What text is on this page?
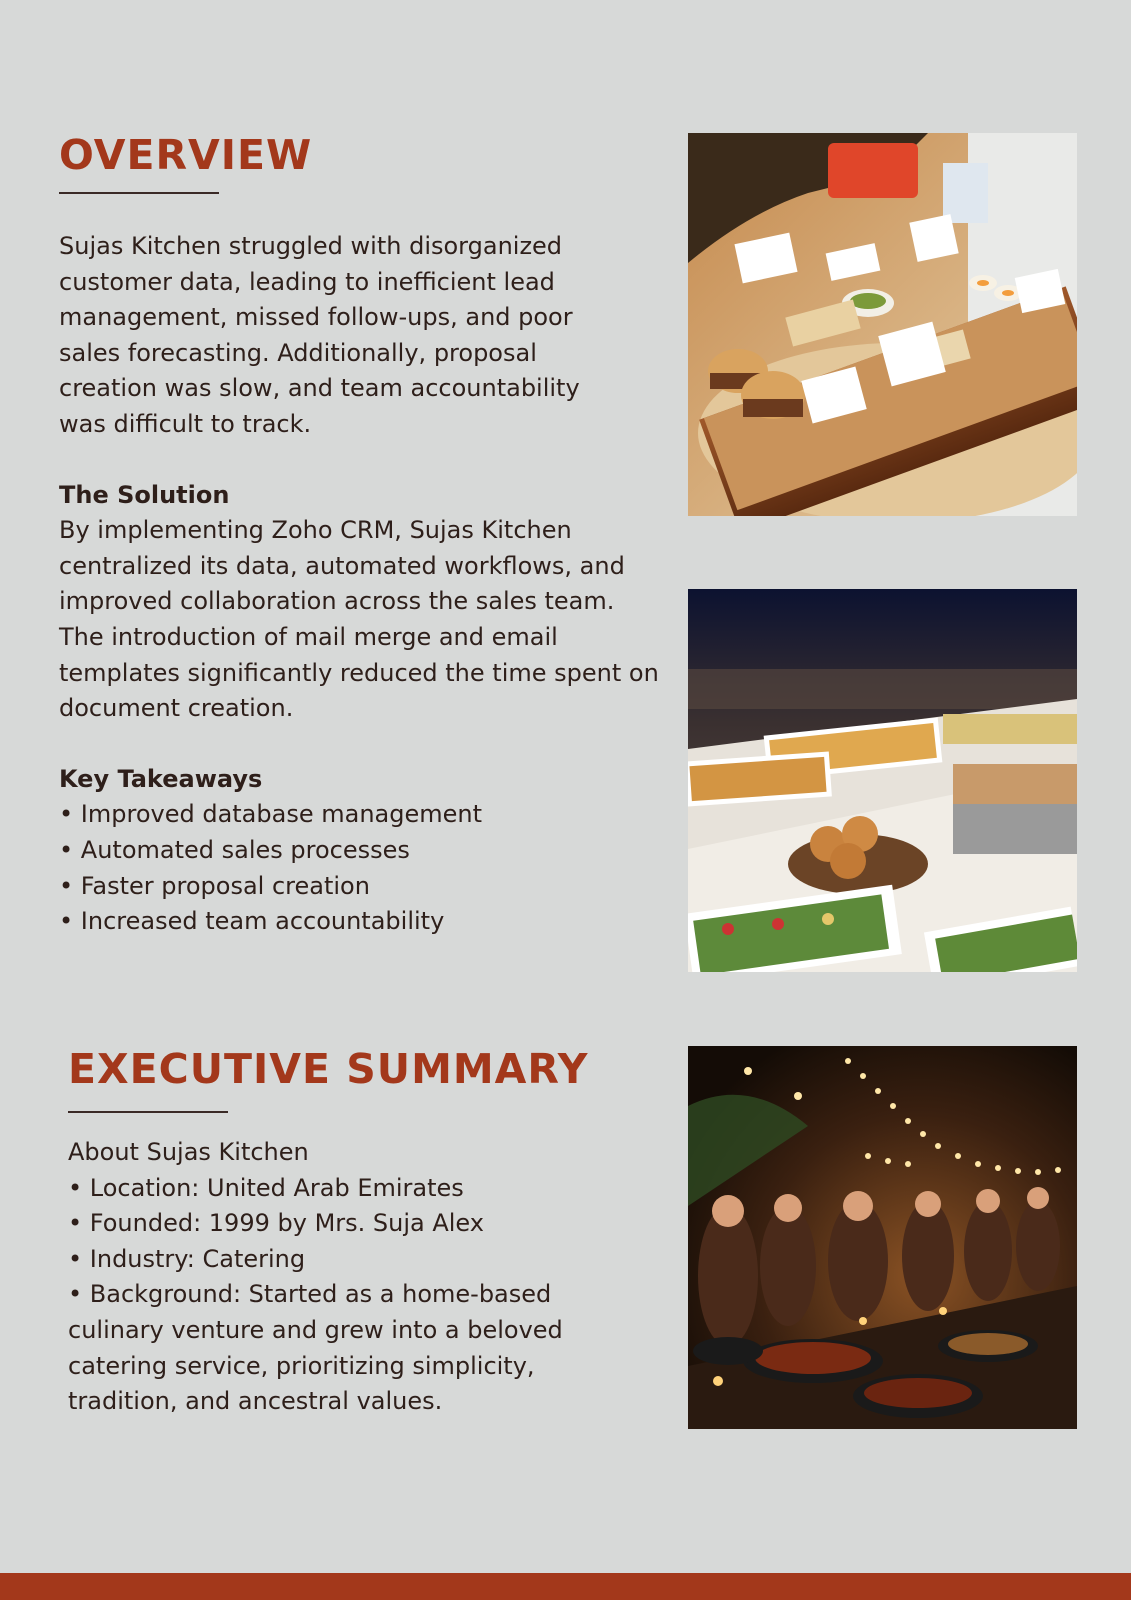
OVERVIEW

Sujas Kitchen struggled with disorganized customer data, leading to inefficient lead management, missed follow-ups, and poor sales forecasting. Additionally, proposal creation was slow, and team accountability was difficult to track.

The Solution

By implementing Zoho CRM, Sujas Kitchen centralized its data, automated workflows, and improved collaboration across the sales team. The introduction of mail merge and email templates significantly reduced the time spent on document creation.

Key Takeaways
• Improved database management
• Automated sales processes
• Faster proposal creation
• Increased team accountability
EXECUTIVE SUMMARY

About Sujas Kitchen

• Location: United Arab Emirates

• Founded: 1999 by Mrs. Suja Alex

• Industry: Catering

• Background: Started as a home-based culinary venture and grew into a beloved catering service, prioritizing simplicity, tradition, and ancestral values.
